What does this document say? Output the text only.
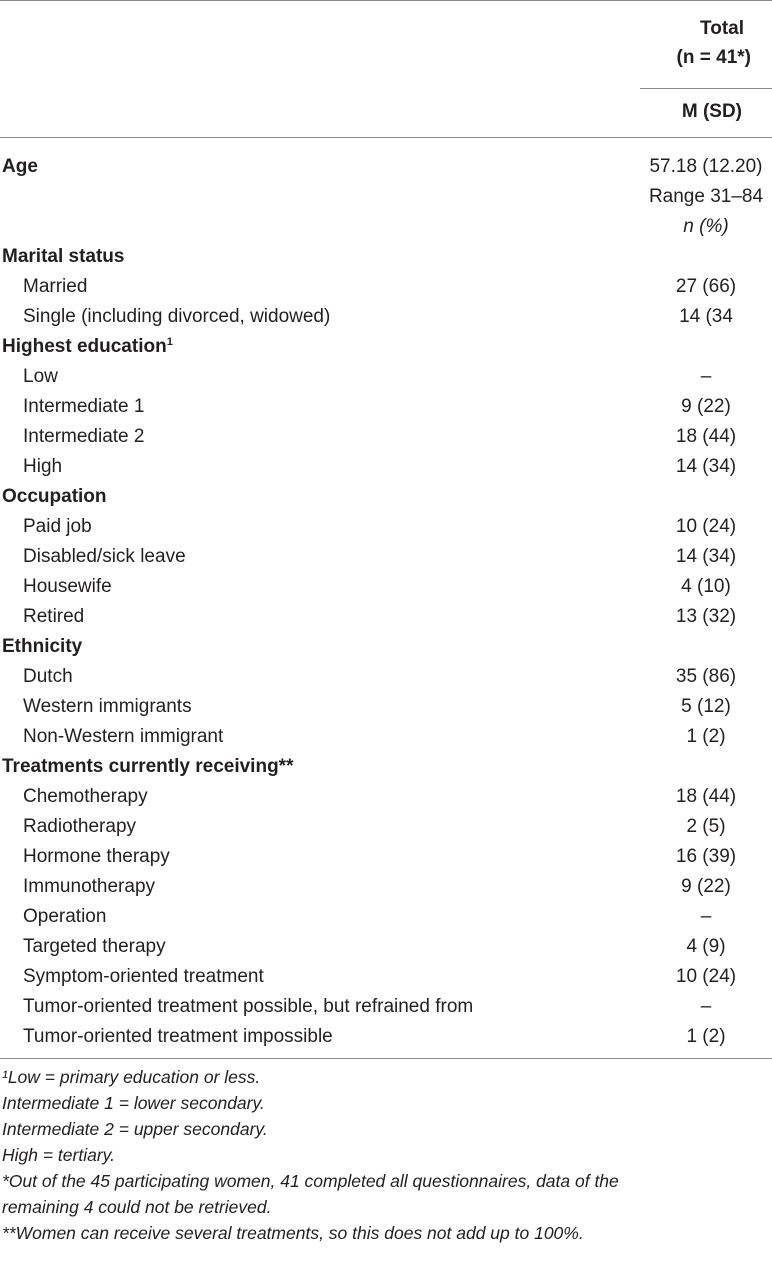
Total
(n = 41*)
M (SD)
Age	57.18 (12.20)
Range 31–84
n (%)
Marital status
Married	27 (66)
Single (including divorced, widowed)	14 (34
Highest education$^1$
Low	–
Intermediate 1	9 (22)
Intermediate 2	18 (44)
High	14 (34)
Occupation
Paid job	10 (24)
Disabled/sick leave	14 (34)
Housewife	4 (10)
Retired	13 (32)
Ethnicity
Dutch	35 (86)
Western immigrants	5 (12)
Non-Western immigrant	1 (2)
Treatments currently receiving**
Chemotherapy	18 (44)
Radiotherapy	2 (5)
Hormone therapy	16 (39)
Immunotherapy	9 (22)
Operation	–
Targeted therapy	4 (9)
Symptom-oriented treatment	10 (24)
Tumor-oriented treatment possible, but refrained from	–
Tumor-oriented treatment impossible	1 (2)
¹Low = primary education or less.
Intermediate 1 = lower secondary.
Intermediate 2 = upper secondary.
High = tertiary.
*Out of the 45 participating women, 41 completed all questionnaires, data of the
remaining 4 could not be retrieved.
**Women can receive several treatments, so this does not add up to 100%.
